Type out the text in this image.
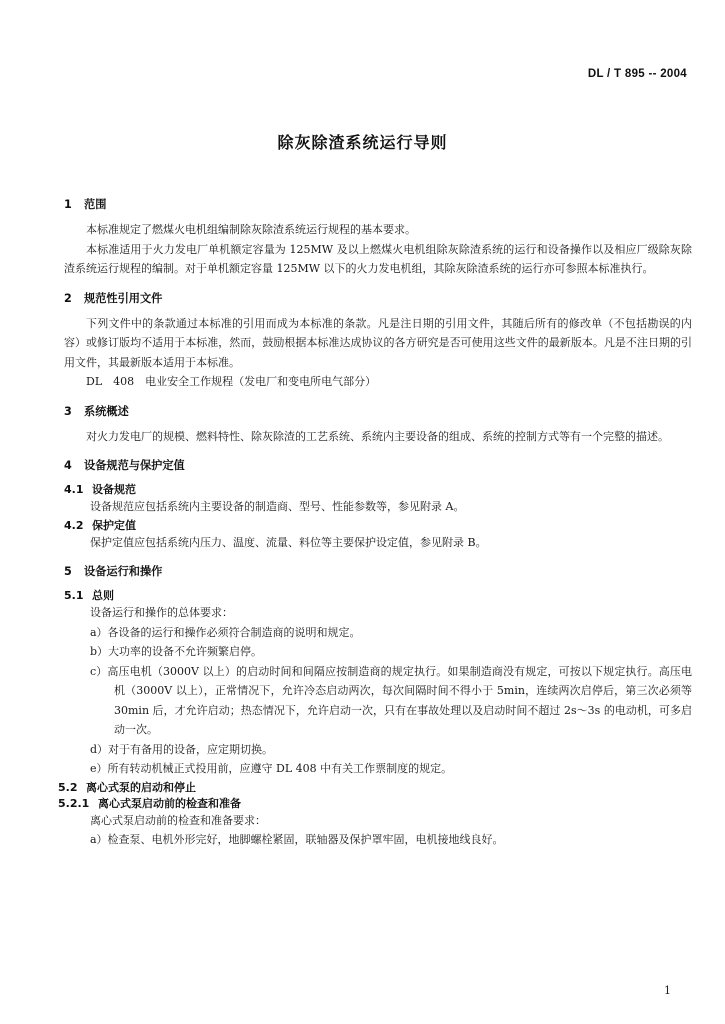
DL / T 895 -- 2004
除灰除渣系统运行导则
1 范围

本标准规定了燃煤火电机组编制除灰除渣系统运行规程的基本要求。

本标准适用于火力发电厂单机额定容量为 125MW 及以上燃煤火电机组除灰除渣系统的运行和设备操作以及相应厂级除灰除渣系统运行规程的编制。对于单机额定容量 125MW 以下的火力发电机组，其除灰除渣系统的运行亦可参照本标准执行。

2 规范性引用文件

下列文件中的条款通过本标准的引用而成为本标准的条款。凡是注日期的引用文件，其随后所有的修改单（不包括勘误的内容）或修订版均不适用于本标准，然而，鼓励根据本标准达成协议的各方研究是否可使用这些文件的最新版本。凡是不注日期的引用文件，其最新版本适用于本标准。

DL　408　电业安全工作规程（发电厂和变电所电气部分）

3 系统概述

对火力发电厂的规模、燃料特性、除灰除渣的工艺系统、系统内主要设备的组成、系统的控制方式等有一个完整的描述。

4 设备规范与保护定值
4.1 设备规范

设备规范应包括系统内主要设备的制造商、型号、性能参数等，参见附录 A。

4.2 保护定值

保护定值应包括系统内压力、温度、流量、料位等主要保护设定值，参见附录 B。

5 设备运行和操作
5.1 总则

设备运行和操作的总体要求：

a）各设备的运行和操作必须符合制造商的说明和规定。

b）大功率的设备不允许频繁启停。

c）高压电机（3000V 以上）的启动时间和间隔应按制造商的规定执行。如果制造商没有规定，可按以下规定执行。高压电机（3000V 以上），正常情况下，允许冷态启动两次，每次间隔时间不得小于 5min，连续两次启停后，第三次必须等 30min 后，才允许启动；热态情况下，允许启动一次，只有在事故处理以及启动时间不超过 2s～3s 的电动机，可多启动一次。

d）对于有备用的设备，应定期切换。

e）所有转动机械正式投用前，应遵守 DL 408 中有关工作票制度的规定。

5.2 离心式泵的启动和停止
5.2.1 离心式泵启动前的检查和准备

离心式泵启动前的检查和准备要求：

a）检查泵、电机外形完好，地脚螺栓紧固，联轴器及保护罩牢固，电机接地线良好。

1
